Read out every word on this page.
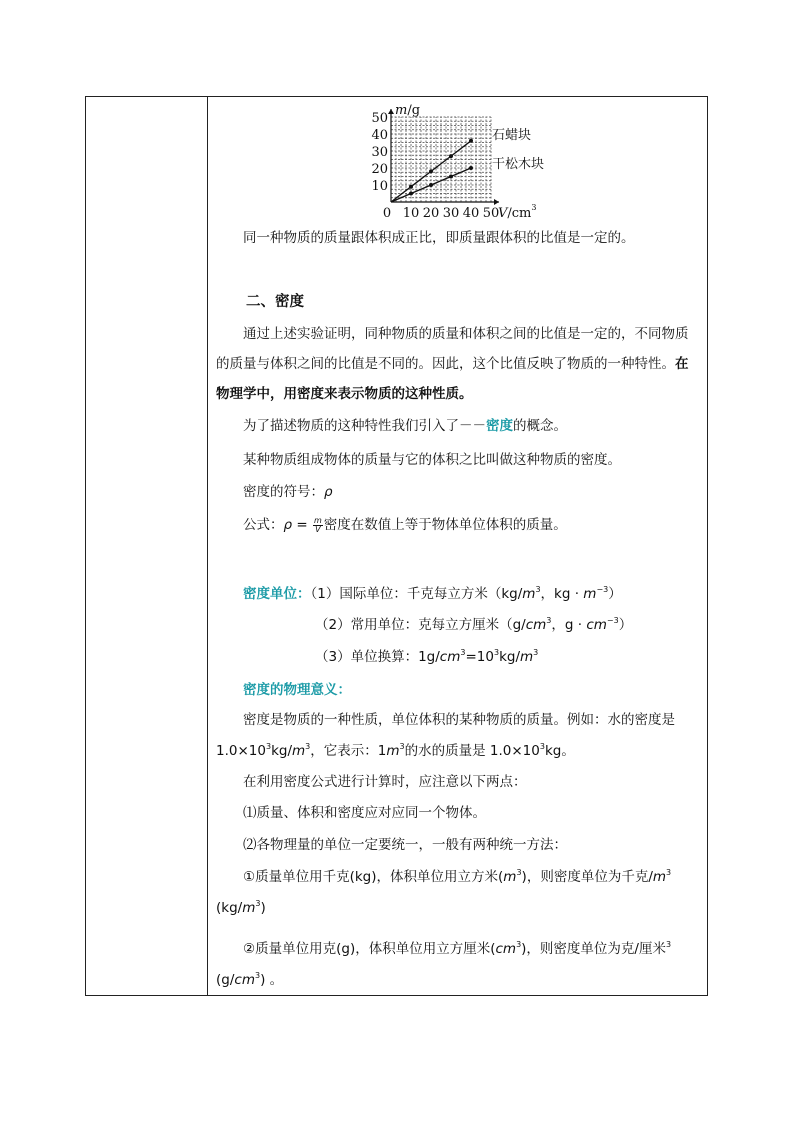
0 10 20 30 40 50
10
20
30
40
50
石蜡块
干松木块
m/g
$V/cm^3$
同一种物质的质量跟体积成正比，即质量跟体积的比值是一定的。
二、密度
通过上述实验证明，同种物质的质量和体积之间的比值是一定的，不同物质
的质量与体积之间的比值是不同的。因此，这个比值反映了物质的一种特性。在
物理学中，用密度来表示物质的这种性质。
为了描述物质的这种特性我们引入了－－密度的概念。
某种物质组成物体的质量与它的体积之比叫做这种物质的密度。
密度的符号：ρ
公式：$\rho = \frac{m}{V}$ 密度在数值上等于物体单位体积的质量。
密度单位：（1）国际单位：千克每立方米（$kg/m^3$，kg · $m^{-3}$）
（2）常用单位：克每立方厘米（$g/cm^3$，$g \cdot cm^{-3}$）
（3）单位换算：$1g/cm^3=10^3kg/m^3$
密度的物理意义：
密度是物质的一种性质，单位体积的某种物质的质量。例如：水的密度是
$1.0\times 10^3kg/m^3$，它表示：$1m^3$的水的质量是 $1.0\times 10^3kg$。
在利用密度公式进行计算时，应注意以下两点：
⑴质量、体积和密度应对应同一个物体。
⑵各物理量的单位一定要统一，一般有两种统一方法：
①质量单位用千克(kg)，体积单位用立方米$(m^3)$，则密度单位为千克$/m^3$
$(kg/m^3)$
②质量单位用克(g)，体积单位用立方厘米$(cm^3)$，则密度单位为克/厘米$^3$
$(g/cm^3)$ 。
